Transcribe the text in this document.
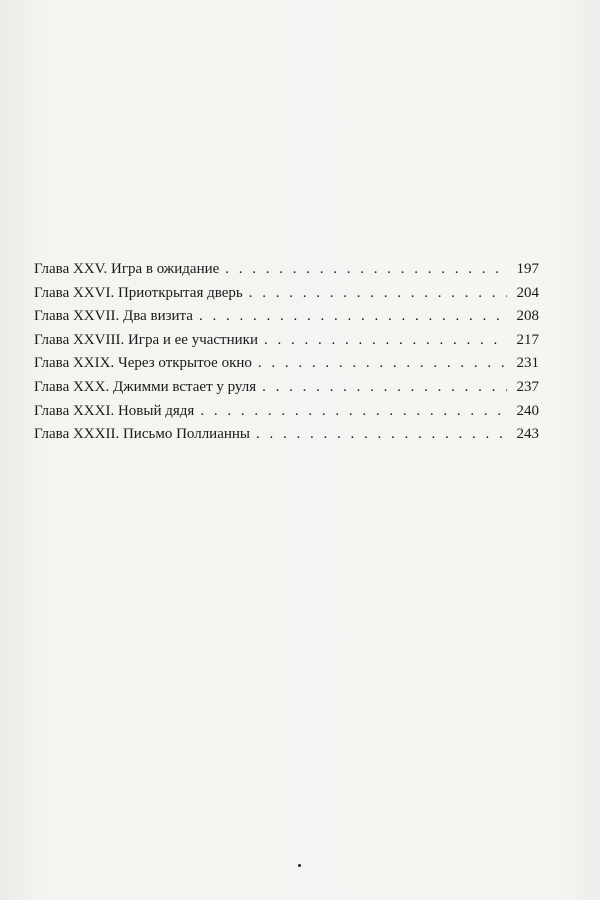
Глава XXV. Игра в ожидание . . .	197
Глава XXVI. Приоткрытая дверь . . .	204
Глава XXVII. Два визита . . .	208
Глава XXVIII. Игра и ее участники . . .	217
Глава XXIX. Через открытое окно . . .	231
Глава XXX. Джимми встает у руля . . .	237
Глава XXXI. Новый дядя . . .	240
Глава XXXII. Письмо Поллианны . . .	243
